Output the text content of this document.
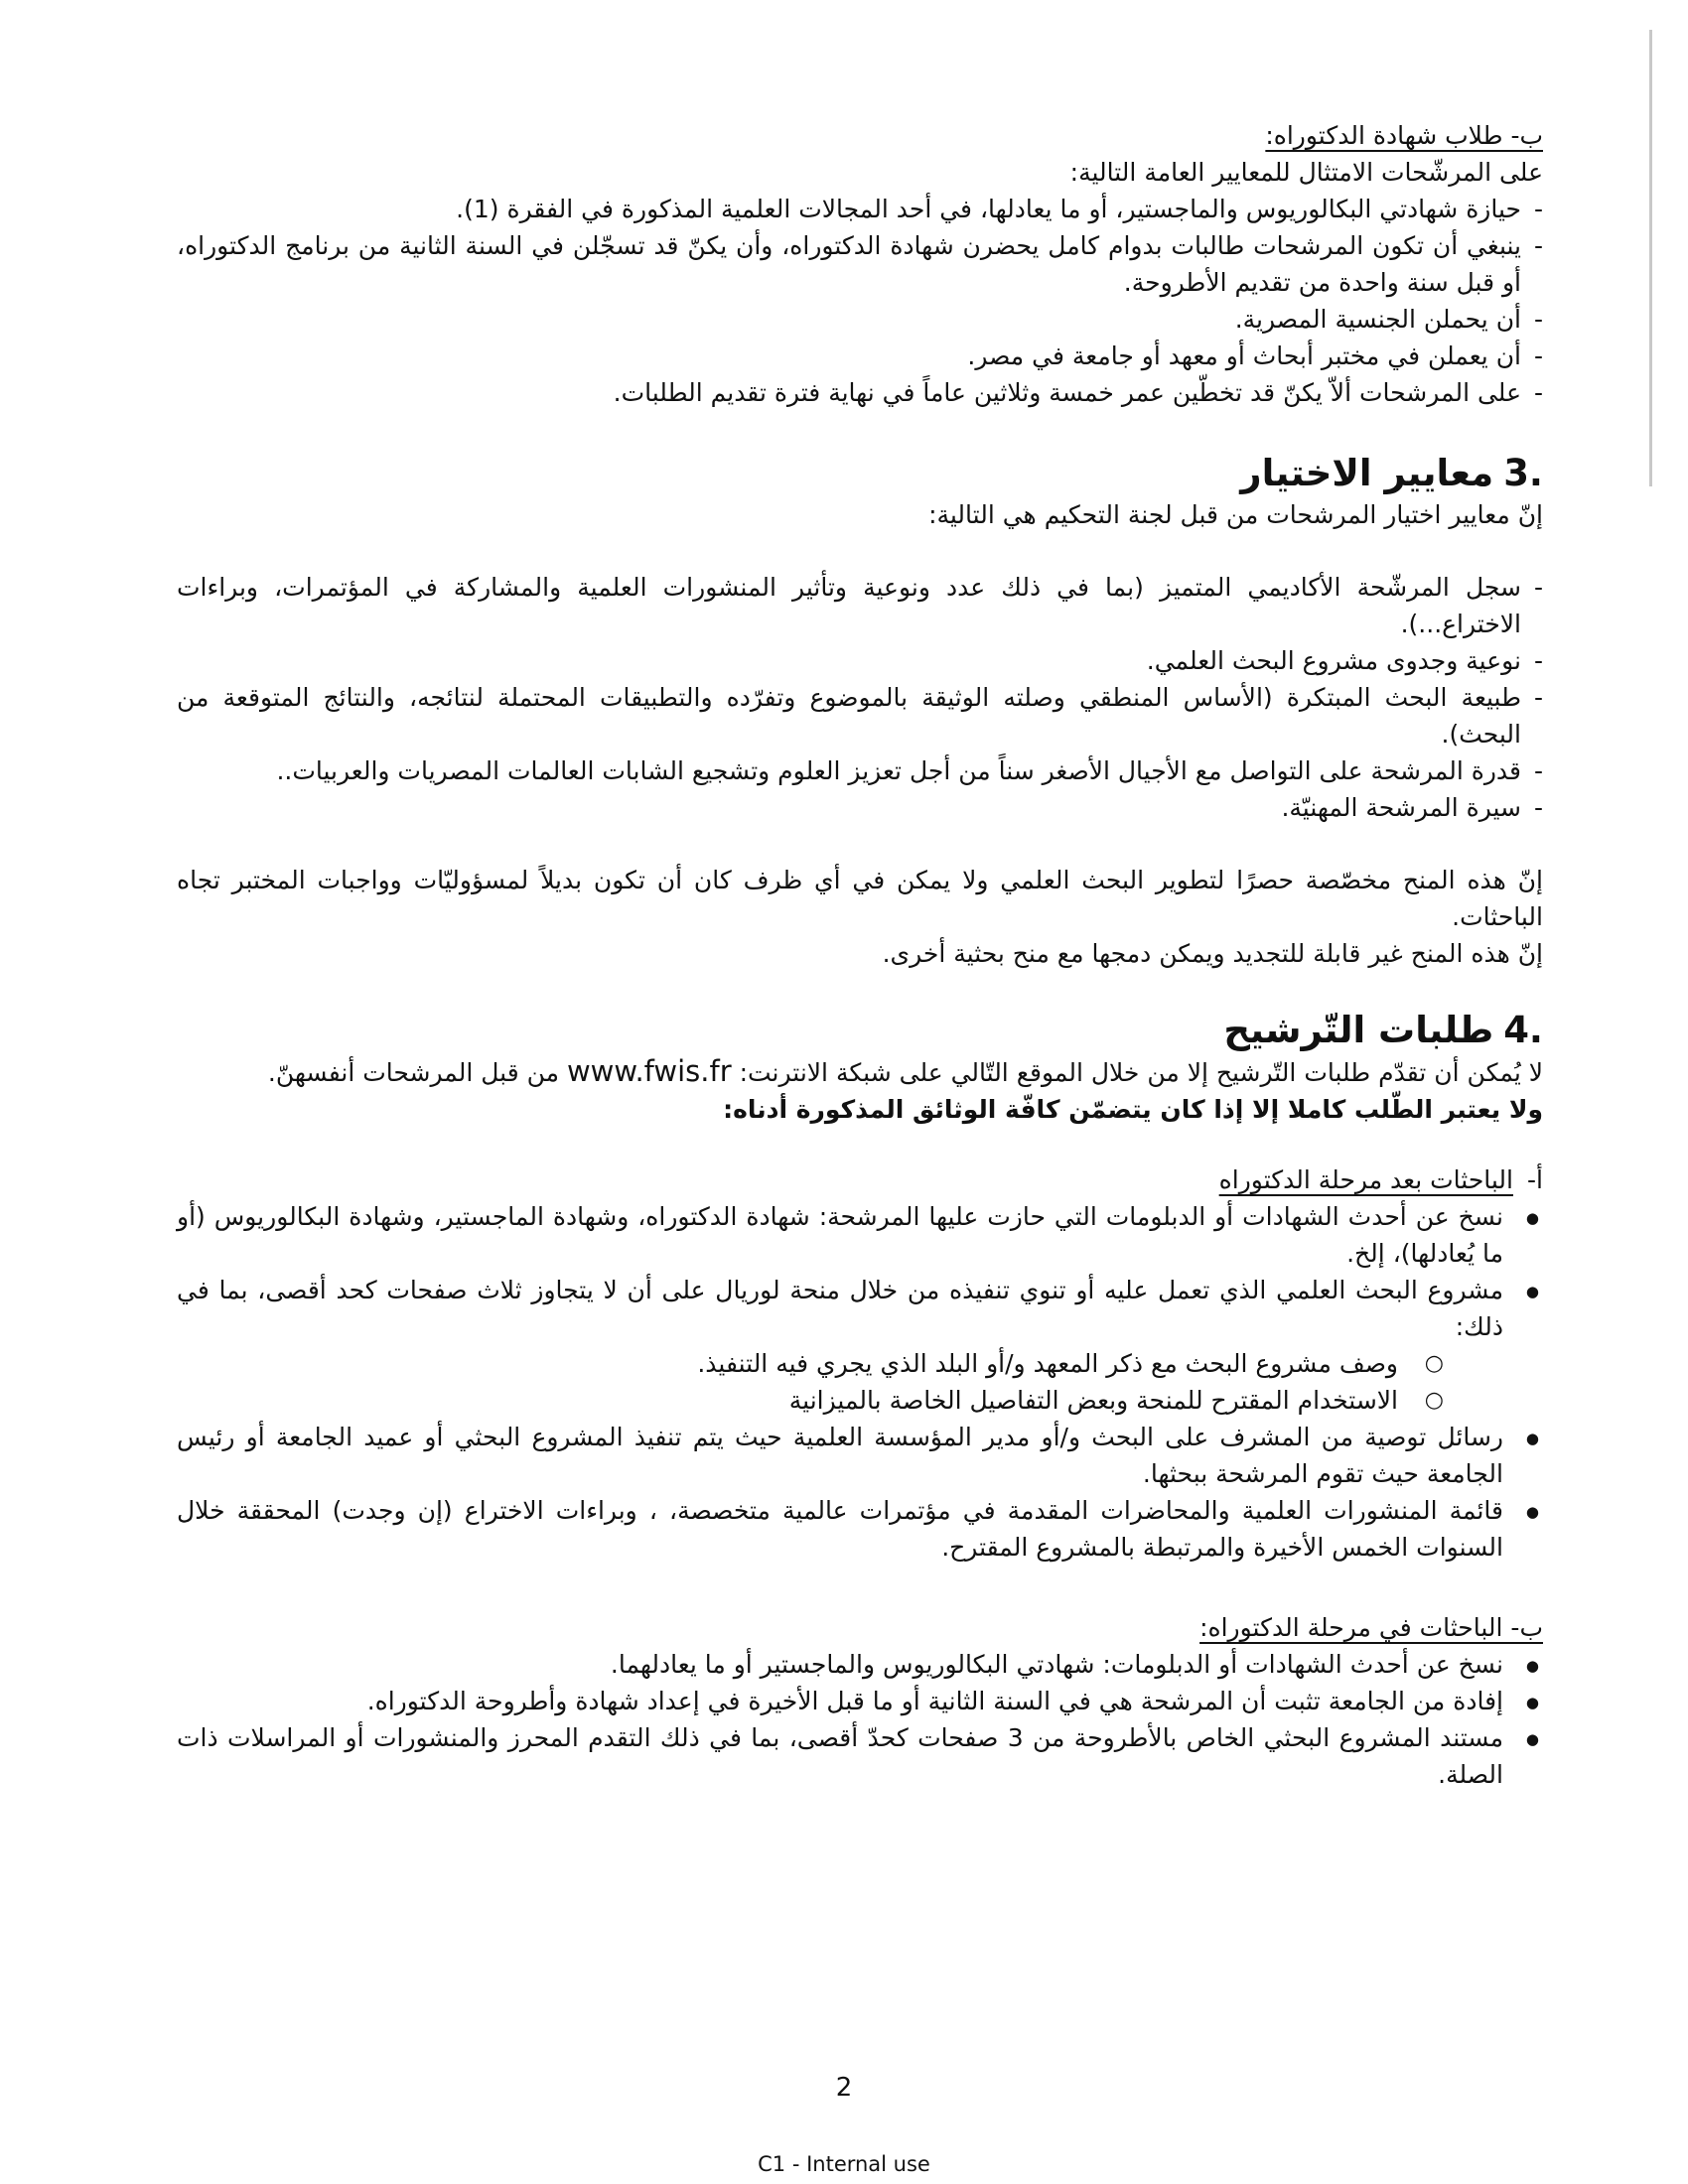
ب- طلاب شهادة الدكتوراه:

على المرشّحات الامتثال للمعايير العامة التالية:

- حيازة شهادتي البكالوريوس والماجستير، أو ما يعادلها، في أحد المجالات العلمية المذكورة في الفقرة (1).
- ينبغي أن تكون المرشحات طالبات بدوام كامل يحضرن شهادة الدكتوراه، وأن يكنّ قد تسجّلن في السنة الثانية من برنامج الدكتوراه، أو قبل سنة واحدة من تقديم الأطروحة.
- أن يحملن الجنسية المصرية.
- أن يعملن في مختبر أبحاث أو معهد أو جامعة في مصر.
- على المرشحات ألاّ يكنّ قد تخطّين عمر خمسة وثلاثين عاماً في نهاية فترة تقديم الطلبات.
3.معايير الاختيار

إنّ معايير اختيار المرشحات من قبل لجنة التحكيم هي التالية:

- سجل المرشّحة الأكاديمي المتميز (بما في ذلك عدد ونوعية وتأثير المنشورات العلمية والمشاركة في المؤتمرات، وبراءات الاختراع...).
- نوعية وجدوى مشروع البحث العلمي.
- طبيعة البحث المبتكرة (الأساس المنطقي وصلته الوثيقة بالموضوع وتفرّده والتطبيقات المحتملة لنتائجه، والنتائج المتوقعة من البحث).
- قدرة المرشحة على التواصل مع الأجيال الأصغر سناً من أجل تعزيز العلوم وتشجيع الشابات العالمات المصريات والعربيات..
- سيرة المرشحة المهنيّة.

إنّ هذه المنح مخصّصة حصرًا لتطوير البحث العلمي ولا يمكن في أي ظرف كان أن تكون بديلاً لمسؤوليّات وواجبات المختبر تجاه الباحثات.

إنّ هذه المنح غير قابلة للتجديد ويمكن دمجها مع منح بحثية أخرى.

4.طلبات التّرشيح

لا يُمكن أن تقدّم طلبات التّرشيح إلا من خلال الموقع التّالي على شبكة الانترنت: www.fwis.fr من قبل المرشحات أنفسهنّ.

ولا يعتبر الطّلب كاملا إلا إذا كان يتضمّن كافّة الوثائق المذكورة أدناه:

أ-
الباحثات بعد مرحلة الدكتوراه
● نسخ عن أحدث الشهادات أو الدبلومات التي حازت عليها المرشحة: شهادة الدكتوراه، وشهادة الماجستير، وشهادة البكالوريوس (أو ما يُعادلها)، إلخ.
● مشروع البحث العلمي الذي تعمل عليه أو تنوي تنفيذه من خلال منحة لوريال على أن لا يتجاوز ثلاث صفحات كحد أقصى، بما في ذلك:
○ وصف مشروع البحث مع ذكر المعهد و/أو البلد الذي يجري فيه التنفيذ.
○ الاستخدام المقترح للمنحة وبعض التفاصيل الخاصة بالميزانية
● رسائل توصية من المشرف على البحث و/أو مدير المؤسسة العلمية حيث يتم تنفيذ المشروع البحثي أو عميد الجامعة أو رئيس الجامعة حيث تقوم المرشحة ببحثها.
● قائمة المنشورات العلمية والمحاضرات المقدمة في مؤتمرات عالمية متخصصة، ، وبراءات الاختراع (إن وجدت) المحققة خلال السنوات الخمس الأخيرة والمرتبطة بالمشروع المقترح.

ب- الباحثات في مرحلة الدكتوراه:

● نسخ عن أحدث الشهادات أو الدبلومات: شهادتي البكالوريوس والماجستير أو ما يعادلهما.
● إفادة من الجامعة تثبت أن المرشحة هي في السنة الثانية أو ما قبل الأخيرة في إعداد شهادة وأطروحة الدكتوراه.
● مستند المشروع البحثي الخاص بالأطروحة من 3 صفحات كحدّ أقصى، بما في ذلك التقدم المحرز والمنشورات أو المراسلات ذات الصلة.
2
C1 - Internal use
